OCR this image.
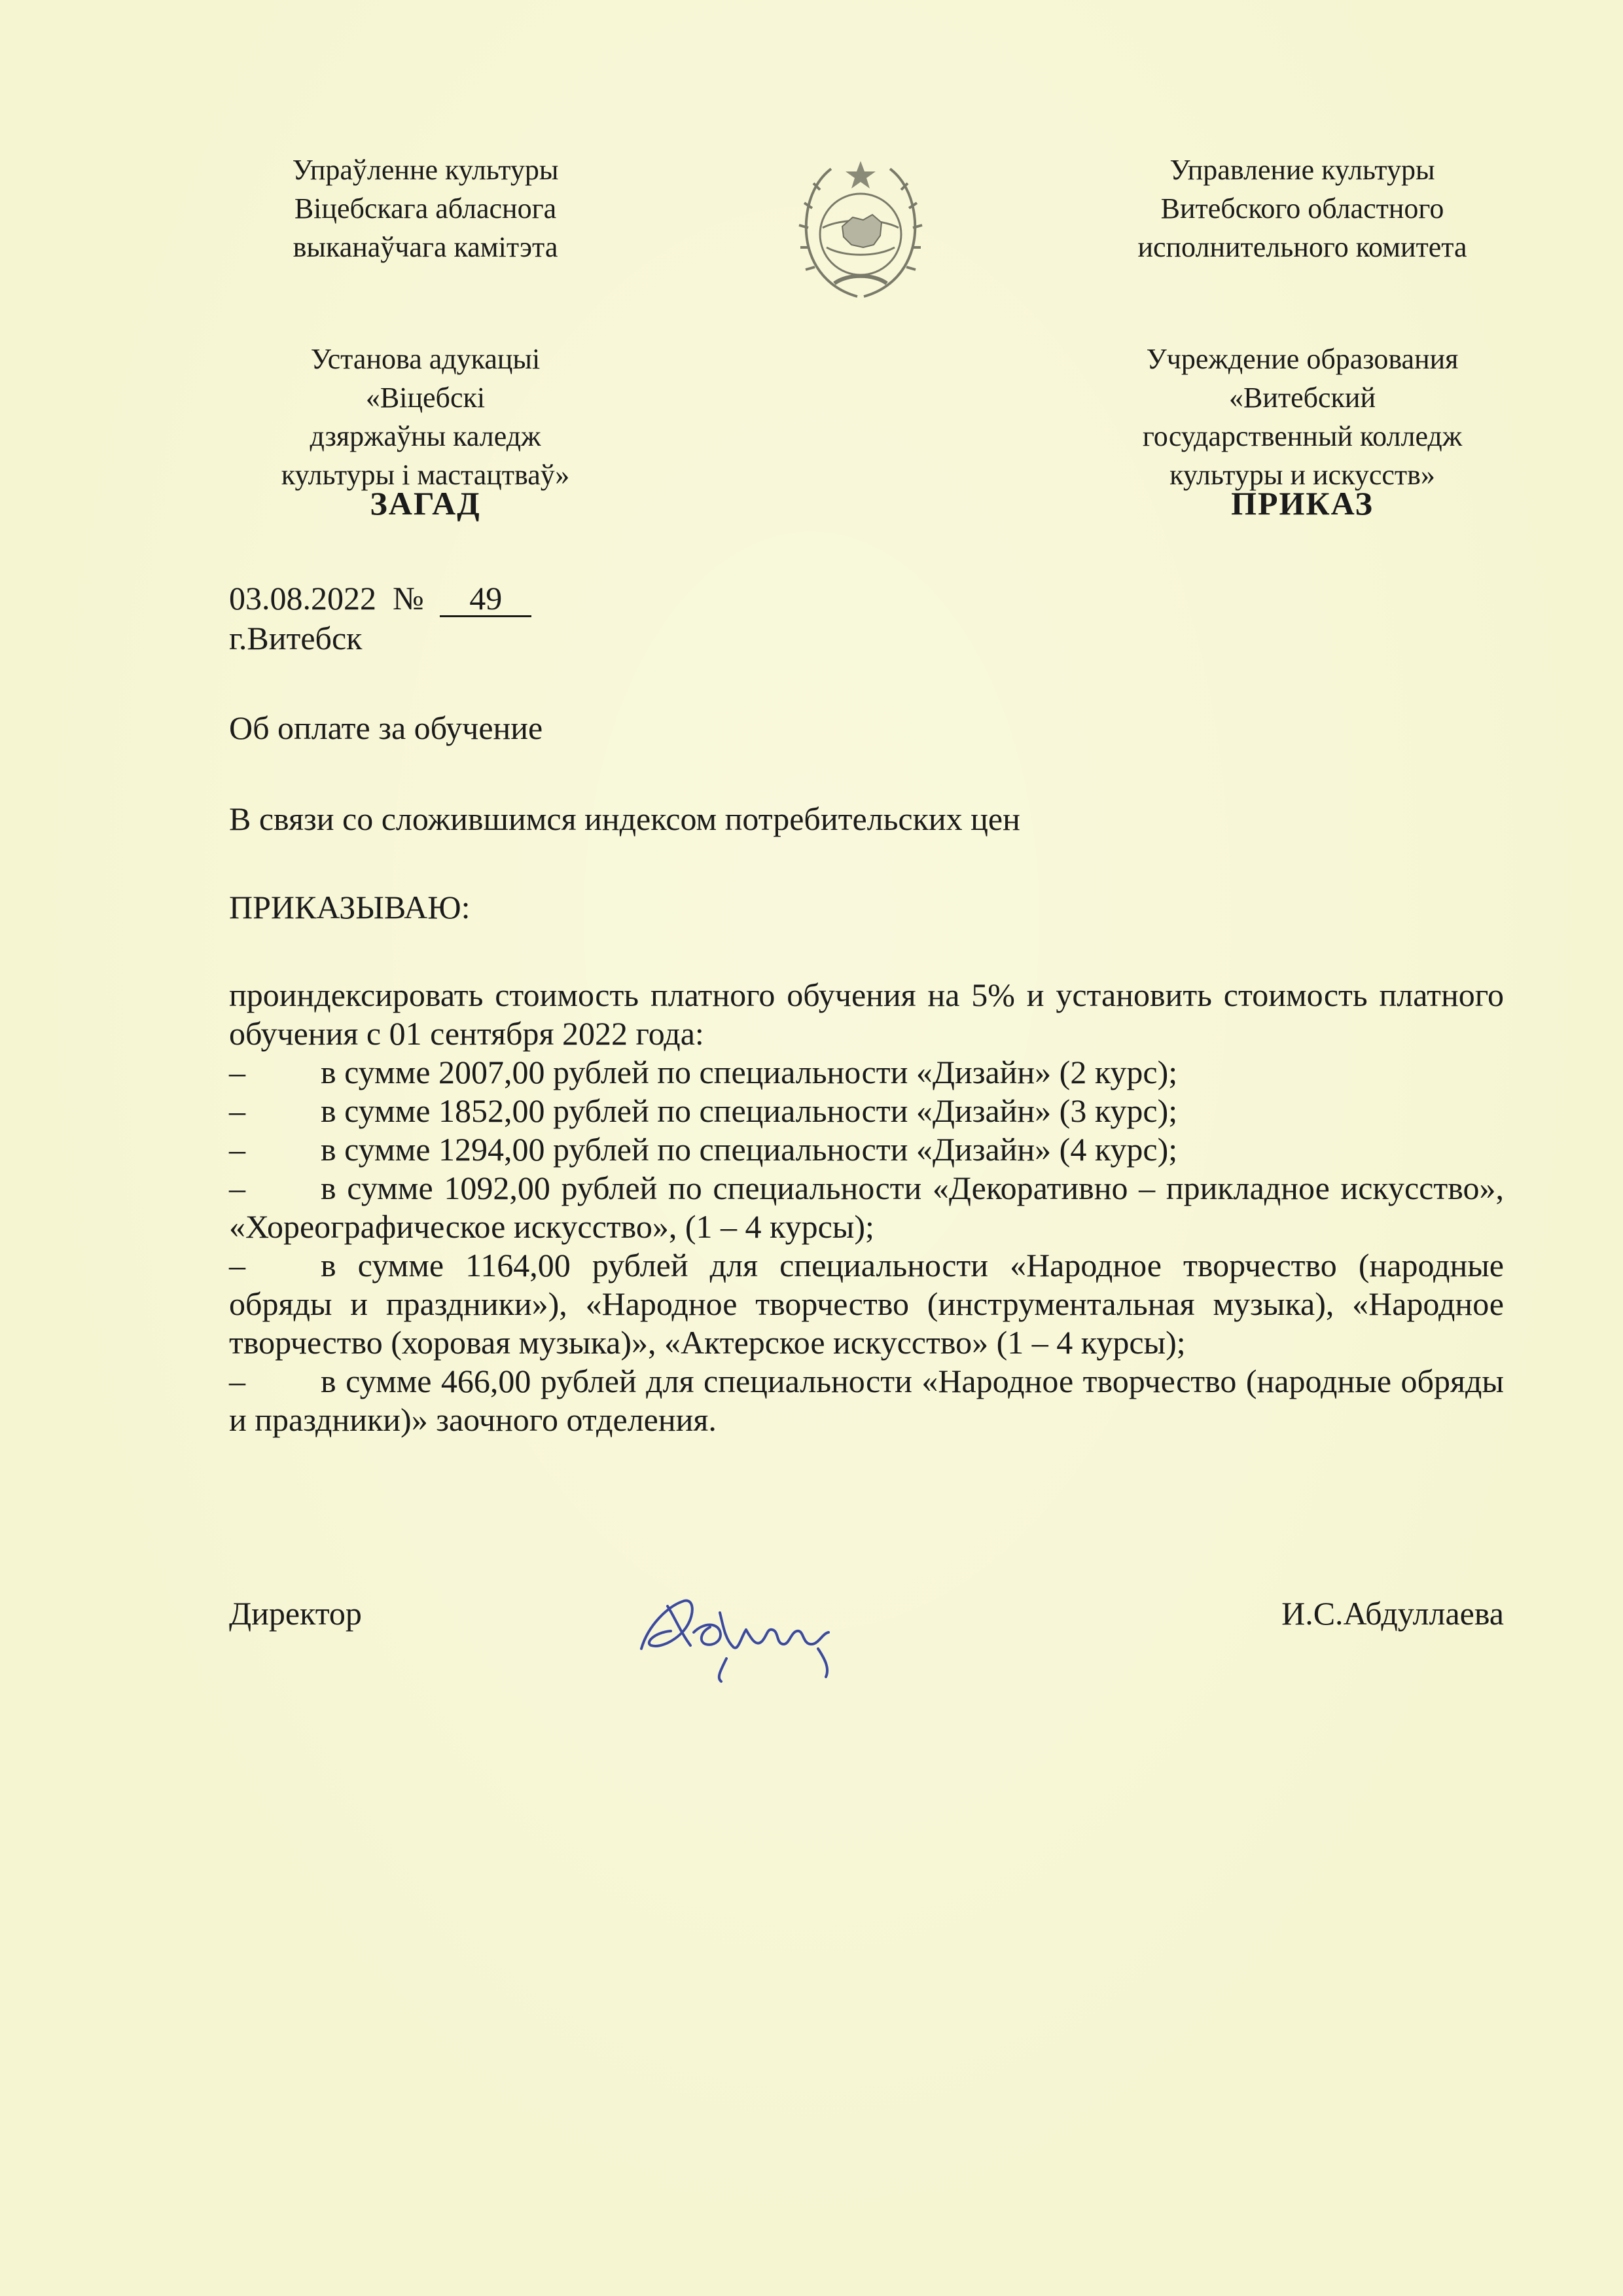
Упраўленне культуры
Віцебскага абласнога
выканаўчага камітэта
Установа адукацыі
«Віцебскі
дзяржаўны каледж
культуры і мастацтваў»
Управление культуры
Витебского областного
исполнительного комитета
Учреждение образования
«Витебский
государственный колледж
культуры и искусств»
ЗАГАД	ПРИКАЗ
03.08.2022 № 49
г.Витебск
Об оплате за обучение
В связи со сложившимся индексом потребительских цен
ПРИКАЗЫВАЮ:

проиндексировать стоимость платного обучения на 5% и установить стоимость платного обучения с 01 сентября 2022 года:

– в сумме 2007,00 рублей по специальности «Дизайн» (2 курс);

– в сумме 1852,00 рублей по специальности «Дизайн» (3 курс);

– в сумме 1294,00 рублей по специальности «Дизайн» (4 курс);

– в сумме 1092,00 рублей по специальности «Декоративно – прикладное искусство», «Хореографическое искусство», (1 – 4 курсы);

– в сумме 1164,00 рублей для специальности «Народное творчество (народные обряды и праздники»), «Народное творчество (инструментальная музыка), «Народное творчество (хоровая музыка)», «Актерское искусство» (1 – 4 курсы);

– в сумме 466,00 рублей для специальности «Народное творчество (народные обряды и праздники)» заочного отделения.

Директор	И.С.Абдуллаева
